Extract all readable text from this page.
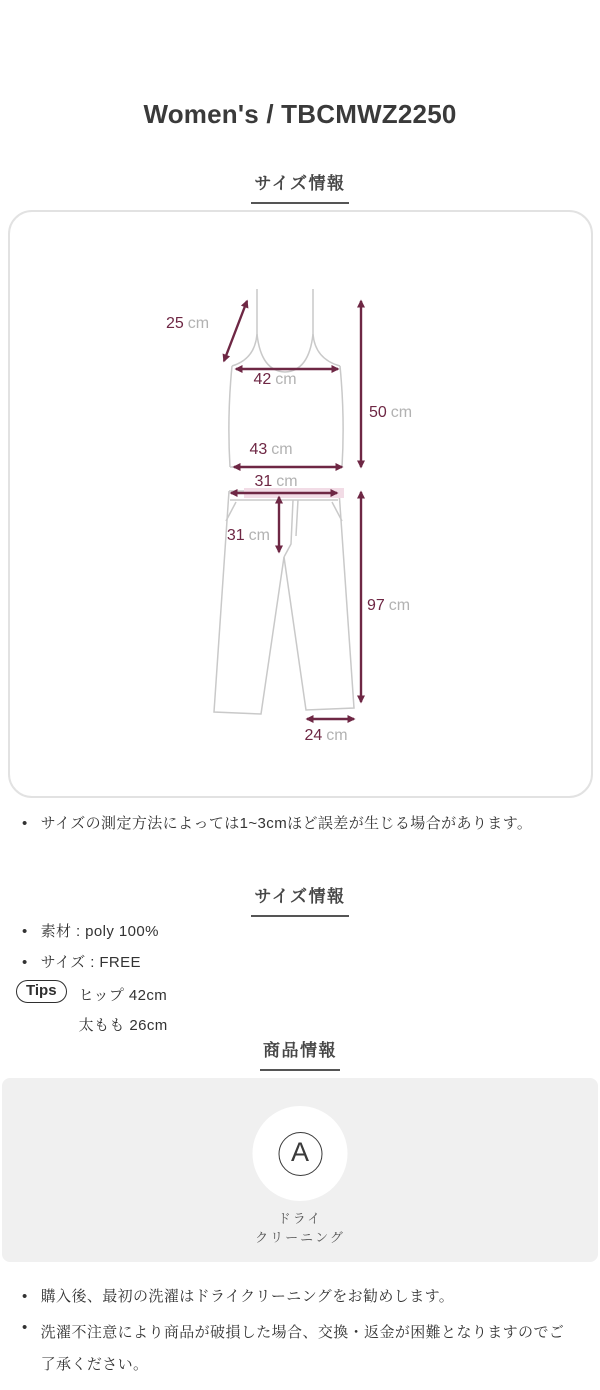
Women's / TBCMWZ2250
サイズ情報
25 cm
42 cm
50 cm
43 cm
31 cm
31 cm
97 cm
24 cm
• サイズの測定方法によっては1~3cmほど誤差が生じる場合があります。
サイズ情報
• 素材 : poly 100%
• サイズ : FREE
Tips	ヒップ 42cm
太もも 26cm
商品情報
A
ドライ
クリーニング
• 購入後、最初の洗濯はドライクリーニングをお勧めします。
• 洗濯不注意により商品が破損した場合、交換・返金が困難となりますのでご了承ください。
